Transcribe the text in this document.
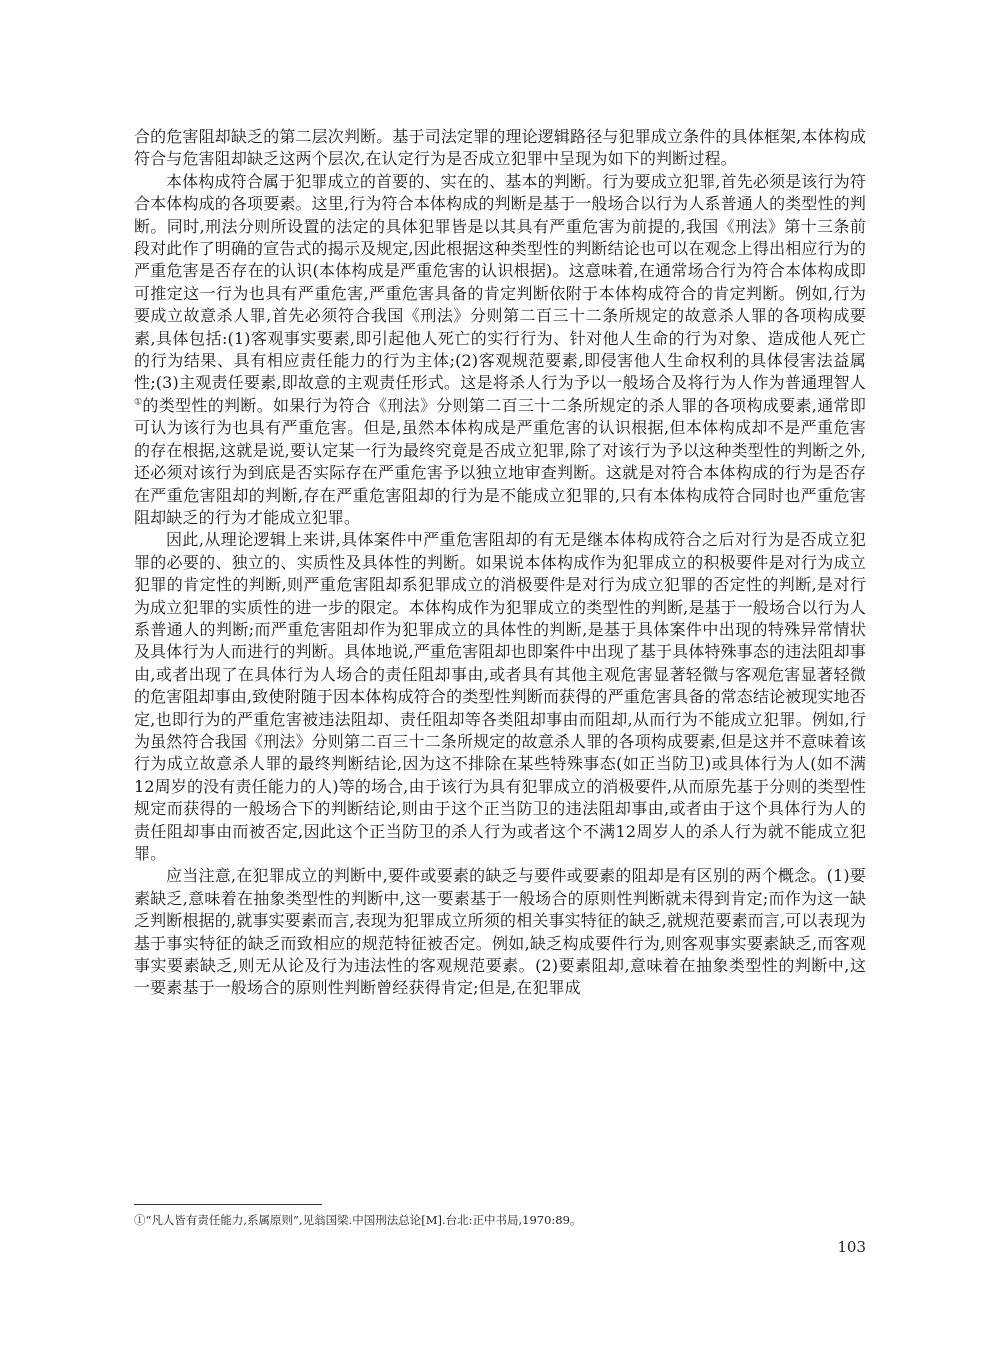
合的危害阻却缺乏的第二层次判断。基于司法定罪的理论逻辑路径与犯罪成立条件的具体框架,本体构成符合与危害阻却缺乏这两个层次,在认定行为是否成立犯罪中呈现为如下的判断过程。

本体构成符合属于犯罪成立的首要的、实在的、基本的判断。行为要成立犯罪,首先必须是该行为符合本体构成的各项要素。这里,行为符合本体构成的判断是基于一般场合以行为人系普通人的类型性的判断。同时,刑法分则所设置的法定的具体犯罪皆是以其具有严重危害为前提的,我国《刑法》第十三条前段对此作了明确的宣告式的揭示及规定,因此根据这种类型性的判断结论也可以在观念上得出相应行为的严重危害是否存在的认识(本体构成是严重危害的认识根据)。这意味着,在通常场合行为符合本体构成即可推定这一行为也具有严重危害,严重危害具备的肯定判断依附于本体构成符合的肯定判断。例如,行为要成立故意杀人罪,首先必须符合我国《刑法》分则第二百三十二条所规定的故意杀人罪的各项构成要素,具体包括:(1)客观事实要素,即引起他人死亡的实行行为、针对他人生命的行为对象、造成他人死亡的行为结果、具有相应责任能力的行为主体;(2)客观规范要素,即侵害他人生命权利的具体侵害法益属性;(3)主观责任要素,即故意的主观责任形式。这是将杀人行为予以一般场合及将行为人作为普通理智人①的类型性的判断。如果行为符合《刑法》分则第二百三十二条所规定的杀人罪的各项构成要素,通常即可认为该行为也具有严重危害。但是,虽然本体构成是严重危害的认识根据,但本体构成却不是严重危害的存在根据,这就是说,要认定某一行为最终究竟是否成立犯罪,除了对该行为予以这种类型性的判断之外,还必须对该行为到底是否实际存在严重危害予以独立地审查判断。这就是对符合本体构成的行为是否存在严重危害阻却的判断,存在严重危害阻却的行为是不能成立犯罪的,只有本体构成符合同时也严重危害阻却缺乏的行为才能成立犯罪。

因此,从理论逻辑上来讲,具体案件中严重危害阻却的有无是继本体构成符合之后对行为是否成立犯罪的必要的、独立的、实质性及具体性的判断。如果说本体构成作为犯罪成立的积极要件是对行为成立犯罪的肯定性的判断,则严重危害阻却系犯罪成立的消极要件是对行为成立犯罪的否定性的判断,是对行为成立犯罪的实质性的进一步的限定。本体构成作为犯罪成立的类型性的判断,是基于一般场合以行为人系普通人的判断;而严重危害阻却作为犯罪成立的具体性的判断,是基于具体案件中出现的特殊异常情状及具体行为人而进行的判断。具体地说,严重危害阻却也即案件中出现了基于具体特殊事态的违法阻却事由,或者出现了在具体行为人场合的责任阻却事由,或者具有其他主观危害显著轻微与客观危害显著轻微的危害阻却事由,致使附随于因本体构成符合的类型性判断而获得的严重危害具备的常态结论被现实地否定,也即行为的严重危害被违法阻却、责任阻却等各类阻却事由而阻却,从而行为不能成立犯罪。例如,行为虽然符合我国《刑法》分则第二百三十二条所规定的故意杀人罪的各项构成要素,但是这并不意味着该行为成立故意杀人罪的最终判断结论,因为这不排除在某些特殊事态(如正当防卫)或具体行为人(如不满12周岁的没有责任能力的人)等的场合,由于该行为具有犯罪成立的消极要件,从而原先基于分则的类型性规定而获得的一般场合下的判断结论,则由于这个正当防卫的违法阻却事由,或者由于这个具体行为人的责任阻却事由而被否定,因此这个正当防卫的杀人行为或者这个不满12周岁人的杀人行为就不能成立犯罪。

应当注意,在犯罪成立的判断中,要件或要素的缺乏与要件或要素的阻却是有区别的两个概念。(1)要素缺乏,意味着在抽象类型性的判断中,这一要素基于一般场合的原则性判断就未得到肯定;而作为这一缺乏判断根据的,就事实要素而言,表现为犯罪成立所须的相关事实特征的缺乏,就规范要素而言,可以表现为基于事实特征的缺乏而致相应的规范特征被否定。例如,缺乏构成要件行为,则客观事实要素缺乏,而客观事实要素缺乏,则无从论及行为违法性的客观规范要素。(2)要素阻却,意味着在抽象类型性的判断中,这一要素基于一般场合的原则性判断曾经获得肯定;但是,在犯罪成

①“凡人皆有责任能力,系属原则”,见翁国梁.中国刑法总论[M].台北:正中书局,1970:89。
103
